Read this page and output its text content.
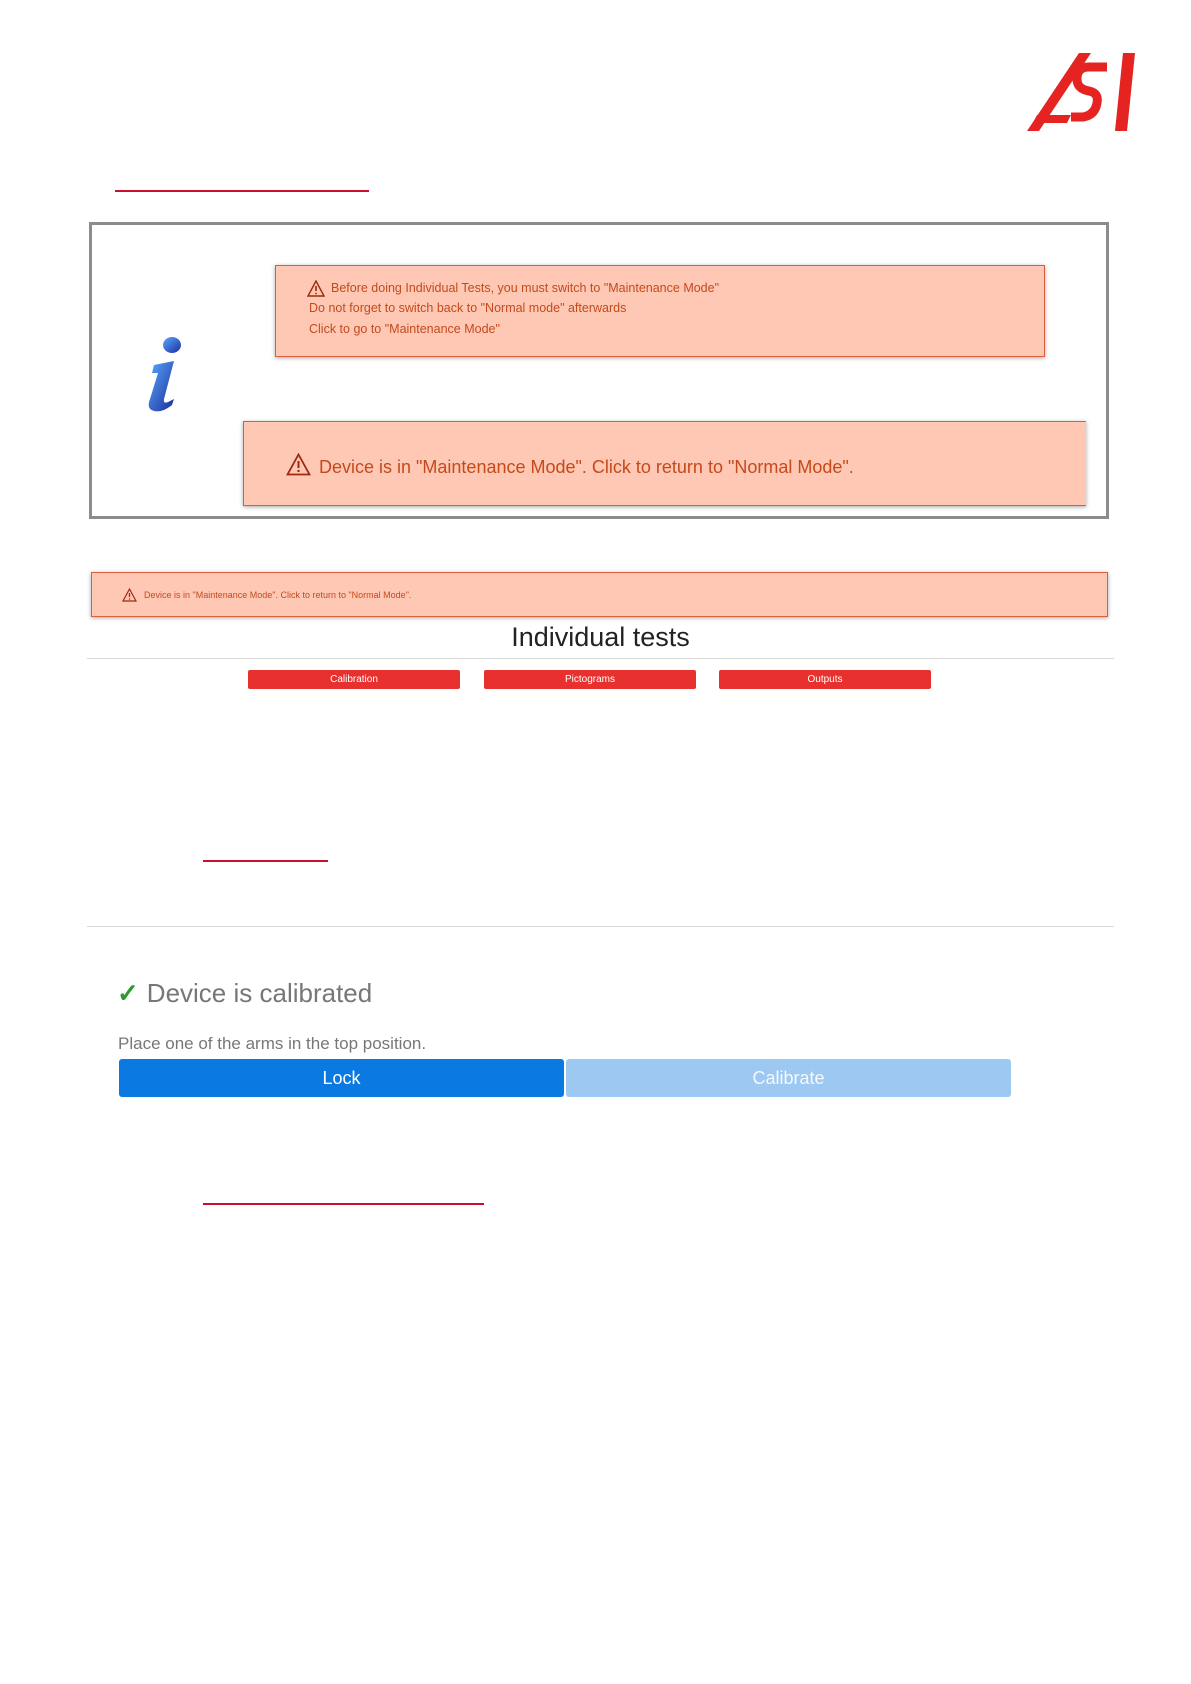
Before doing Individual Tests, you must switch to "Maintenance Mode"
Do not forget to switch back to "Normal mode" afterwards
Click to go to "Maintenance Mode"
Device is in "Maintenance Mode". Click to return to "Normal Mode".
Device is in "Maintenance Mode". Click to return to "Normal Mode".
Individual tests
Calibration	Pictograms	Outputs
✓ Device is calibrated
Place one of the arms in the top position.
Lock	Calibrate
